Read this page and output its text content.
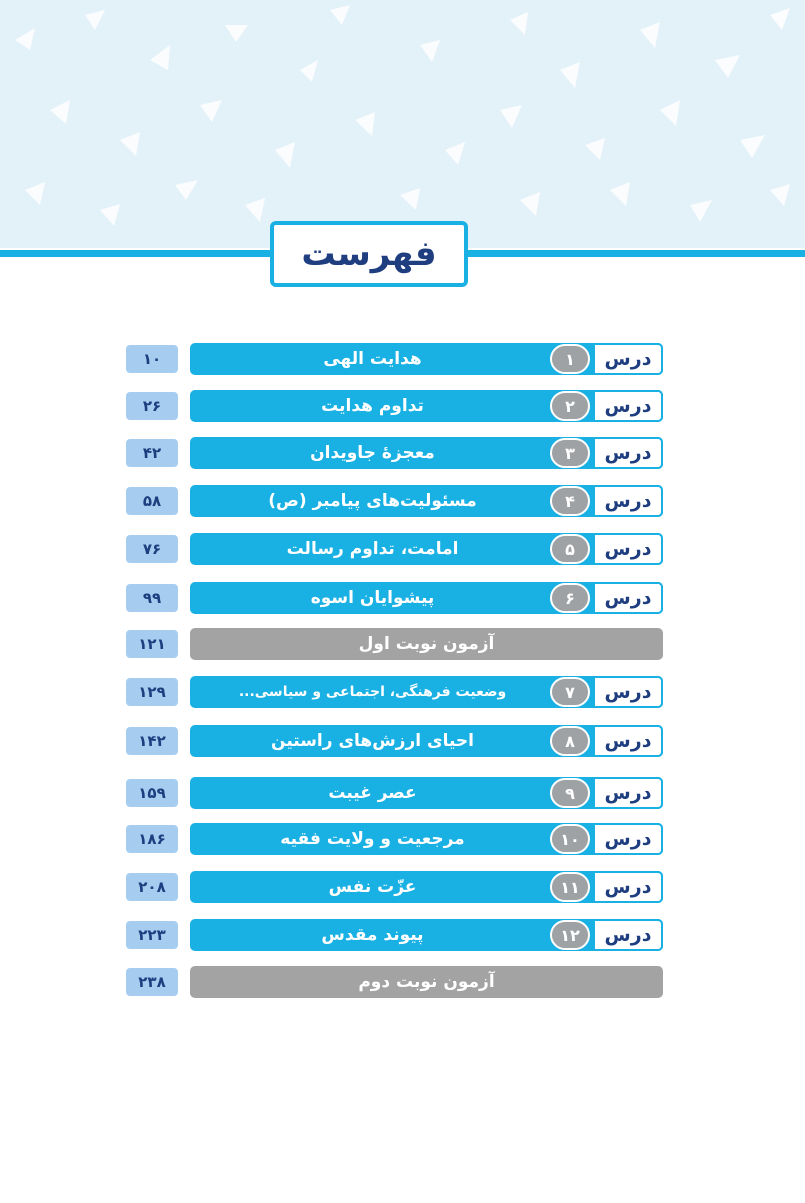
فهرست
۱۰	هدایت الهی	۱	درس
۲۶	تداوم هدایت	۲	درس
۴۲	معجزۀ جاویدان	۳	درس
۵۸	مسئولیت‌های پیامبر (ص)	۴	درس
۷۶	امامت، تداوم رسالت	۵	درس
۹۹	پیشوایان اسوه	۶	درس
۱۲۱	آزمون نوبت اول
۱۲۹	وضعیت فرهنگی، اجتماعی و سیاسی...	۷	درس
۱۴۲	احیای ارزش‌های راستین	۸	درس
۱۵۹	عصر غیبت	۹	درس
۱۸۶	مرجعیت و ولایت فقیه	۱۰	درس
۲۰۸	عزّت نفس	۱۱	درس
۲۲۳	پیوند مقدس	۱۲	درس
۲۳۸	آزمون نوبت دوم
